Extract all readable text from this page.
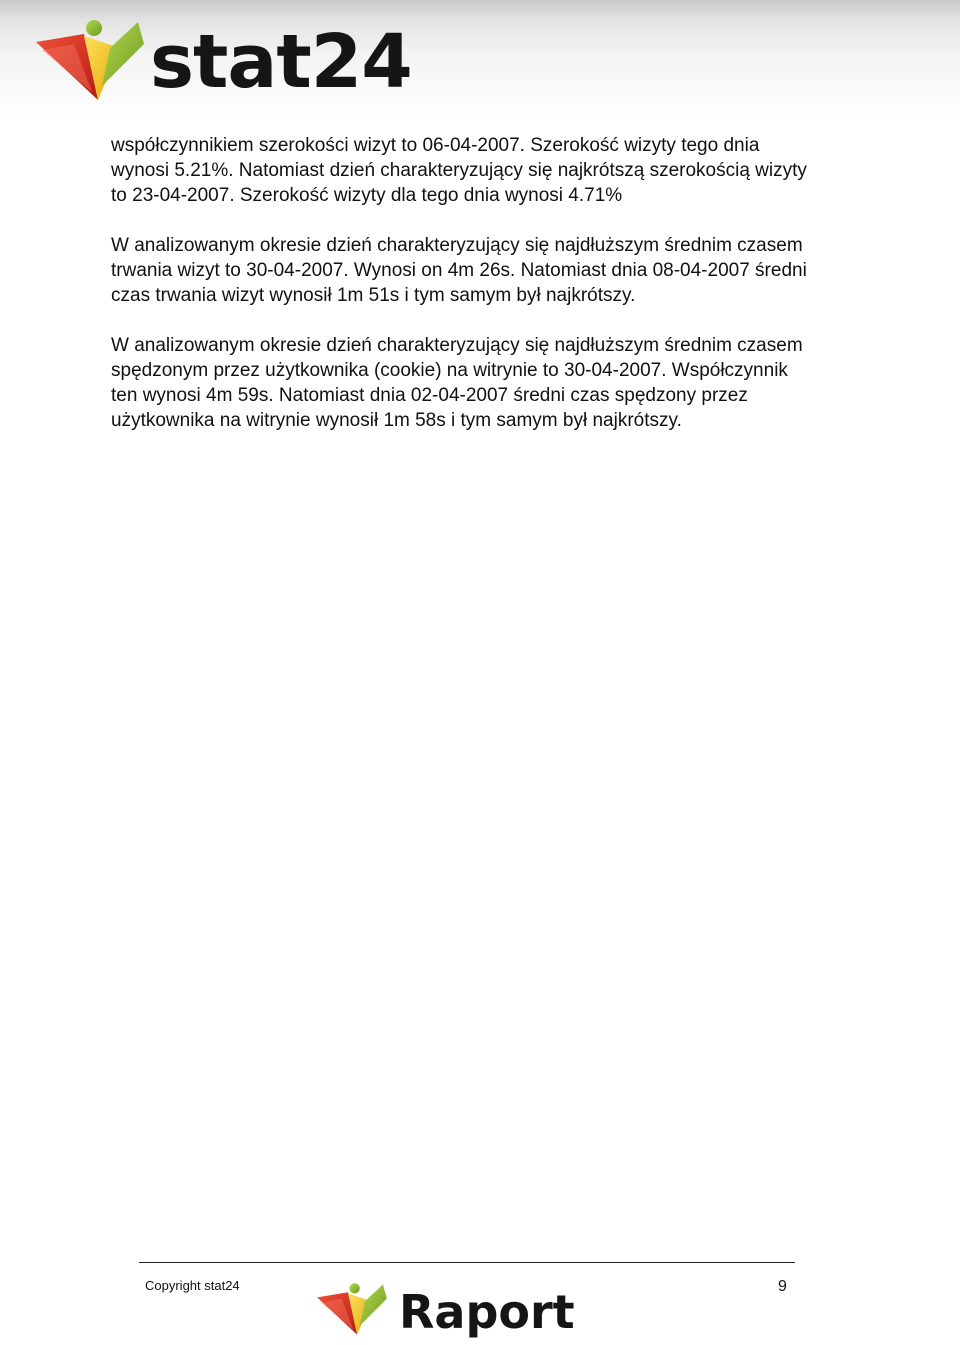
stat24

współczynnikiem szerokości wizyt to 06-04-2007. Szerokość wizyty tego dnia wynosi 5.21%. Natomiast dzień charakteryzujący się najkrótszą szerokością wizyty to 23-04-2007. Szerokość wizyty dla tego dnia wynosi 4.71%

W analizowanym okresie dzień charakteryzujący się najdłuższym średnim czasem trwania wizyt to 30-04-2007. Wynosi on 4m 26s. Natomiast dnia 08-04-2007 średni czas trwania wizyt wynosił 1m 51s i tym samym był najkrótszy.

W analizowanym okresie dzień charakteryzujący się najdłuższym średnim czasem spędzonym przez użytkownika (cookie) na witrynie to 30-04-2007. Współczynnik ten wynosi 4m 59s. Natomiast dnia 02-04-2007 średni czas spędzony przez użytkownika na witrynie wynosił 1m 58s i tym samym był najkrótszy.

Copyright stat24	9
Raport
